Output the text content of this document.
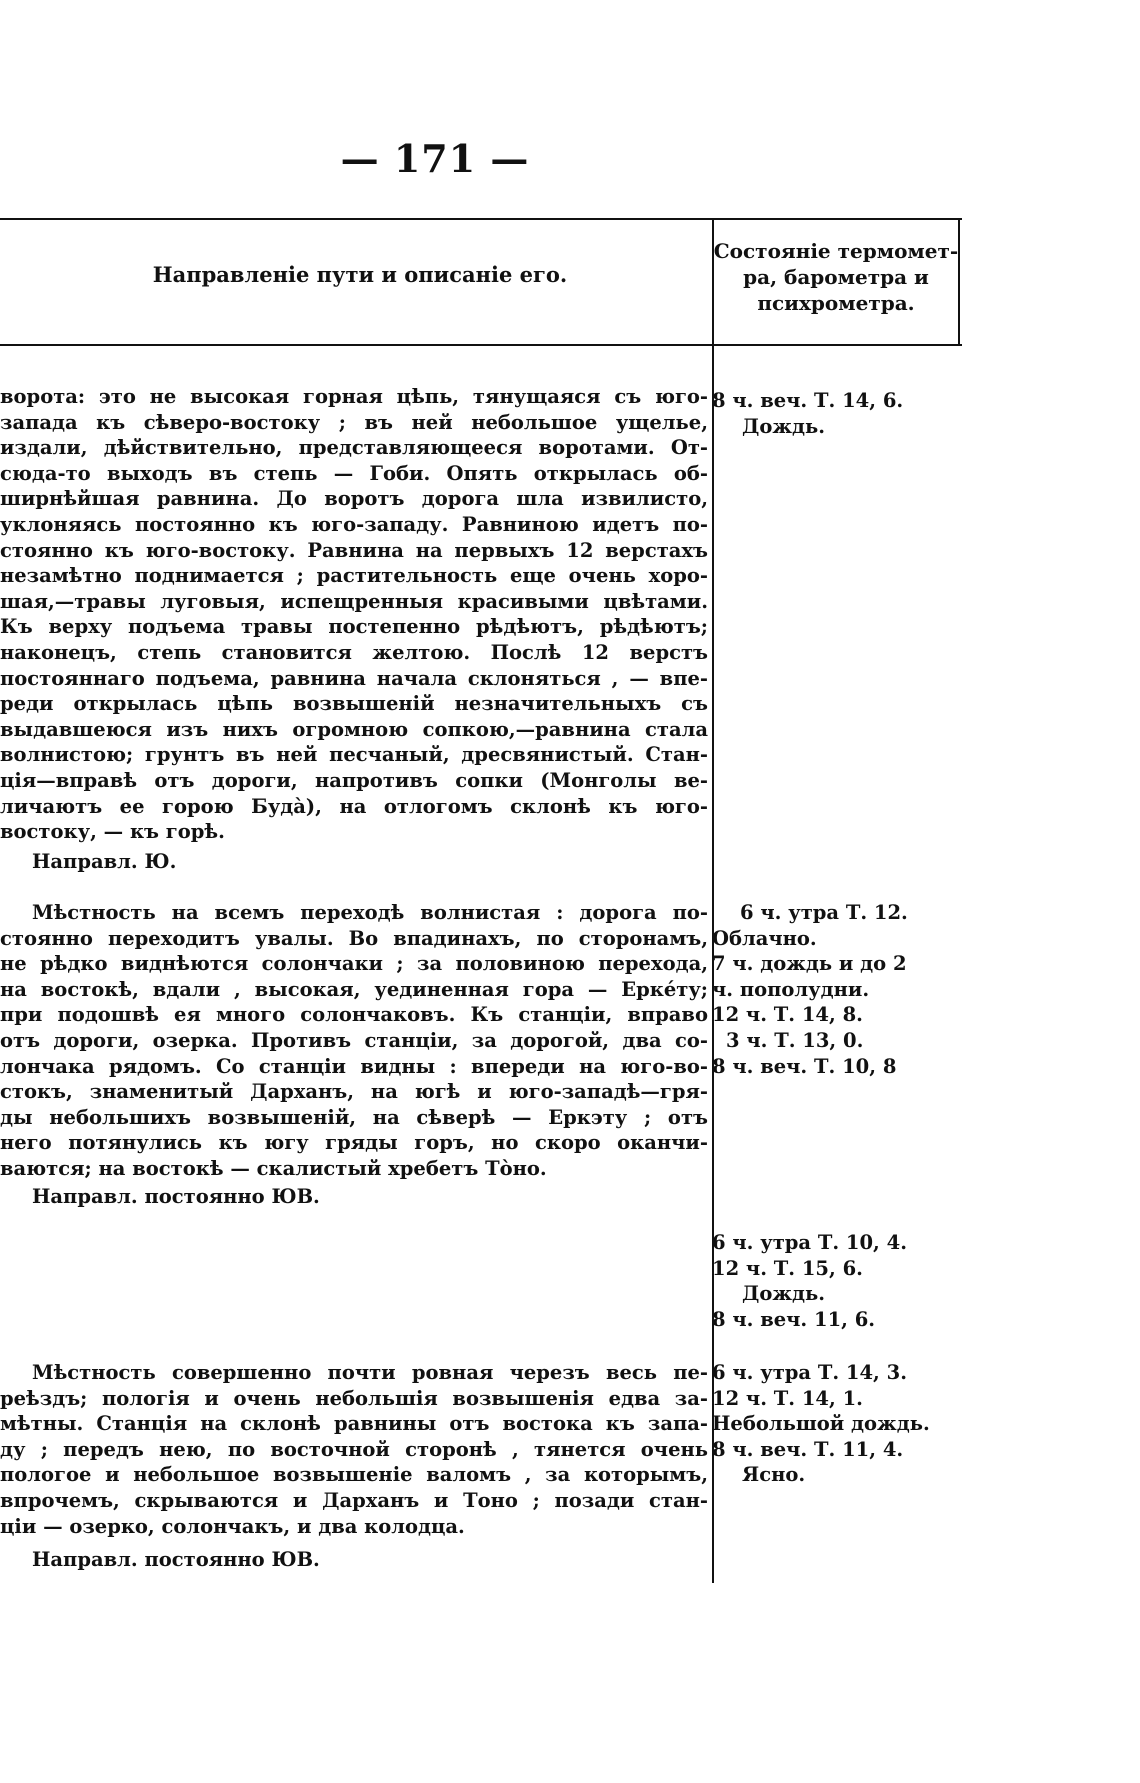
— 171 —
Направленіе пути и описаніе его.
Состояніе термомет-
ра, барометра и
психрометра.
ворота: это не высокая горная цѣпь, тянущаяся съ юго-
запада къ сѣверо-востоку ; въ ней небольшое ущелье,
издали, дѣйствительно, представляющееся воротами. От-
сюда-то выходъ въ степь — Гоби. Опять открылась об-
ширнѣйшая равнина. До воротъ дорога шла извилисто,
уклоняясь постоянно къ юго-западу. Равниною идетъ по-
стоянно къ юго-востоку. Равнина на первыхъ 12 верстахъ
незамѣтно поднимается ; растительность еще очень хоро-
шая,—травы луговыя, испещренныя красивыми цвѣтами.
Къ верху подъема травы постепенно рѣдѣютъ, рѣдѣютъ;
наконецъ, степь становится желтою. Послѣ 12 верстъ
постояннаго подъема, равнина начала склоняться , — впе-
реди открылась цѣпь возвышеній незначительныхъ съ
выдавшеюся изъ нихъ огромною сопкою,—равнина стала
волнистою; грунтъ въ ней песчаный, дресвянистый. Стан-
ція—вправѣ отъ дороги, напротивъ сопки (Монголы ве-
личаютъ ее горою Будà), на отлогомъ склонѣ къ юго-
востоку, — къ горѣ.
Направл. Ю.
8 ч. веч. Т. 14, 6.
Дождь.
Мѣстность на всемъ переходѣ волнистая : дорога по-
стоянно переходитъ увалы. Во впадинахъ, по сторонамъ,
не рѣдко виднѣются солончаки ; за половиною перехода,
на востокѣ, вдали , высокая, уединенная гора — Еркéту;
при подошвѣ ея много солончаковъ. Къ станціи, вправо
отъ дороги, озерка. Противъ станціи, за дорогой, два со-
лончака рядомъ. Со станціи видны : впереди на юго-во-
стокъ, знаменитый Дарханъ, на югѣ и юго-западѣ—гря-
ды небольшихъ возвышеній, на сѣверѣ — Еркэту ; отъ
него потянулись къ югу гряды горъ, но скоро оканчи-
ваются; на востокѣ — скалистый хребетъ Тòно.
Направл. постоянно ЮВ.
6 ч. утра Т. 12.
Облачно.
7 ч. дождь и до 2
ч. пополудни.
12 ч. Т. 14, 8.
3 ч. Т. 13, 0.
8 ч. веч. Т. 10, 8
6 ч. утра Т. 10, 4.
12 ч. Т. 15, 6.
Дождь.
8 ч. веч. 11, 6.
Мѣстность совершенно почти ровная черезъ весь пе-
реѣздъ; пологія и очень небольшія возвышенія едва за-
мѣтны. Станція на склонѣ равнины отъ востока къ запа-
ду ; передъ нею, по восточной сторонѣ , тянется очень
пологое и небольшое возвышеніе валомъ , за которымъ,
впрочемъ, скрываются и Дарханъ и Тоно ; позади стан-
ціи — озерко, солончакъ, и два колодца.
Направл. постоянно ЮВ.
6 ч. утра Т. 14, 3.
12 ч. Т. 14, 1.
Небольшой дождь.
8 ч. веч. Т. 11, 4.
Ясно.
